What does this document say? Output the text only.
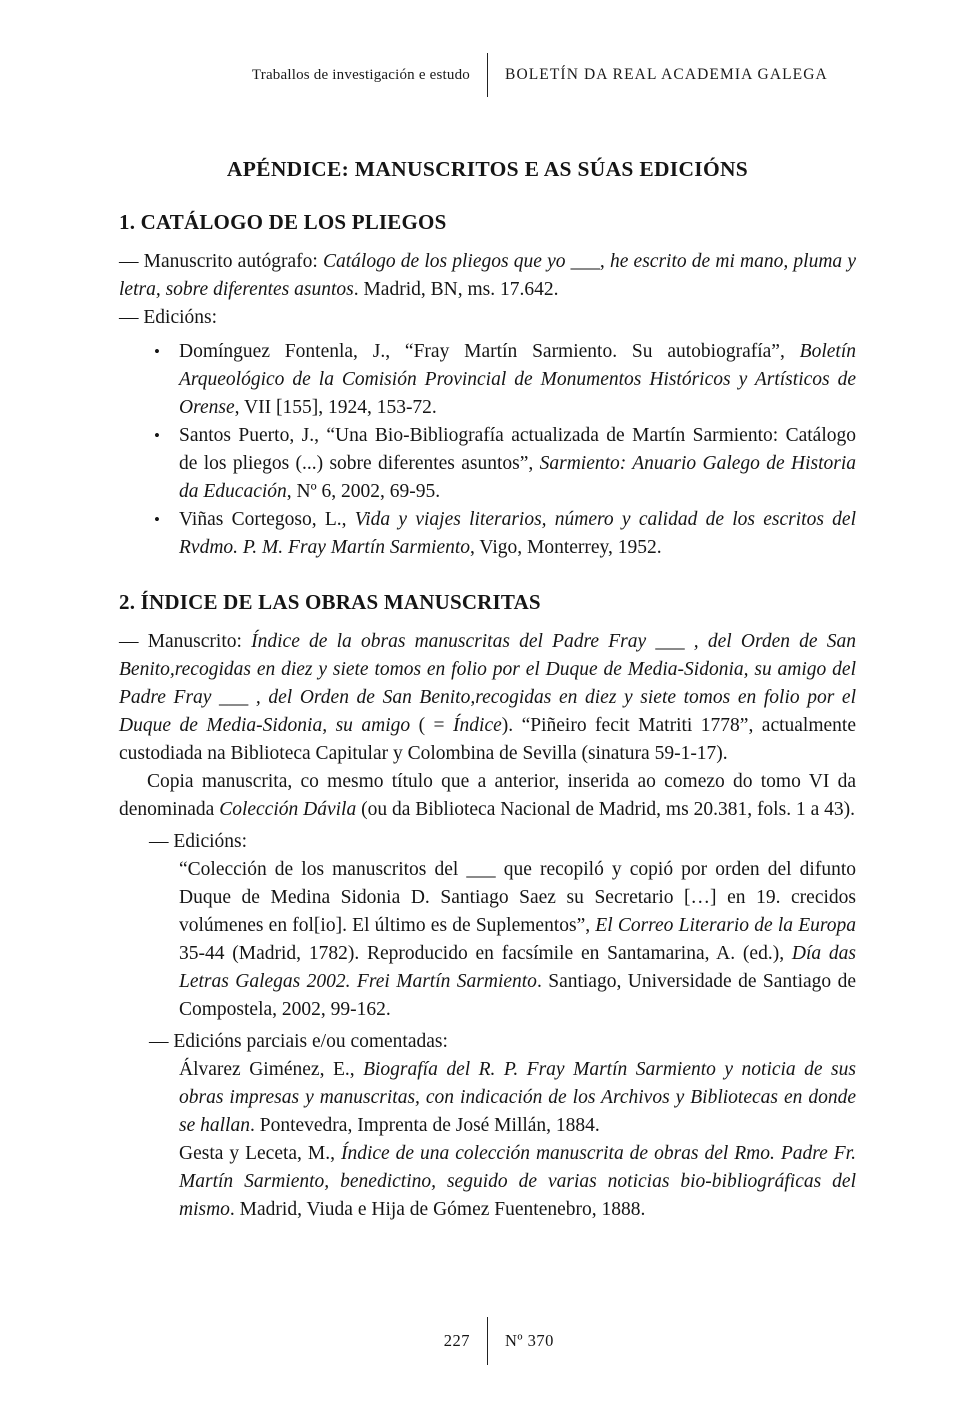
Traballos de investigación e estudo	BOLETÍN DA REAL ACADEMIA GALEGA
APÉNDICE: MANUSCRITOS E AS SÚAS EDICIÓNS
1. CATÁLOGO DE LOS PLIEGOS

— Manuscrito autógrafo: Catálogo de los pliegos que yo ___, he escrito de mi mano, pluma y letra, sobre diferentes asuntos. Madrid, BN, ms. 17.642.

— Edicións:

• Domínguez Fontenla, J., “Fray Martín Sarmiento. Su autobiografía”, Boletín Arqueológico de la Comisión Provincial de Monumentos Históricos y Artísticos de Orense, VII [155], 1924, 153-72.
• Santos Puerto, J., “Una Bio-Bibliografía actualizada de Martín Sarmiento: Catálogo de los pliegos (...) sobre diferentes asuntos”, Sarmiento: Anuario Galego de Historia da Educación, Nº 6, 2002, 69-95.
• Viñas Cortegoso, L., Vida y viajes literarios, número y calidad de los escritos del Rvdmo. P. M. Fray Martín Sarmiento, Vigo, Monterrey, 1952.
2. ÍNDICE DE LAS OBRAS MANUSCRITAS

— Manuscrito: Índice de la obras manuscritas del Padre Fray ___ , del Orden de San Benito,recogidas en diez y siete tomos en folio por el Duque de Media-Sidonia, su amigo del Padre Fray ___ , del Orden de San Benito,recogidas en diez y siete tomos en folio por el Duque de Media-Sidonia, su amigo ( = Índice). “Piñeiro fecit Matriti 1778”, actualmente custodiada na Biblioteca Capitular y Colombina de Sevilla (sinatura 59-1-17).

Copia manuscrita, co mesmo título que a anterior, inserida ao comezo do tomo VI da denominada Colección Dávila (ou da Biblioteca Nacional de Madrid, ms 20.381, fols. 1 a 43).

— Edicións:

“Colección de los manuscritos del ___ que recopiló y copió por orden del difunto Duque de Medina Sidonia D. Santiago Saez su Secretario […] en 19. crecidos volúmenes en fol[io]. El último es de Suplementos”, El Correo Literario de la Europa 35-44 (Madrid, 1782). Reproducido en facsímile en Santamarina, A. (ed.), Día das Letras Galegas 2002. Frei Martín Sarmiento. Santiago, Universidade de Santiago de Compostela, 2002, 99-162.

— Edicións parciais e/ou comentadas:

Álvarez Giménez, E., Biografía del R. P. Fray Martín Sarmiento y noticia de sus obras impresas y manuscritas, con indicación de los Archivos y Bibliotecas en donde se hallan. Pontevedra, Imprenta de José Millán, 1884.

Gesta y Leceta, M., Índice de una colección manuscrita de obras del Rmo. Padre Fr. Martín Sarmiento, benedictino, seguido de varias noticias bio-bibliográficas del mismo. Madrid, Viuda e Hija de Gómez Fuentenebro, 1888.

227	Nº 370
